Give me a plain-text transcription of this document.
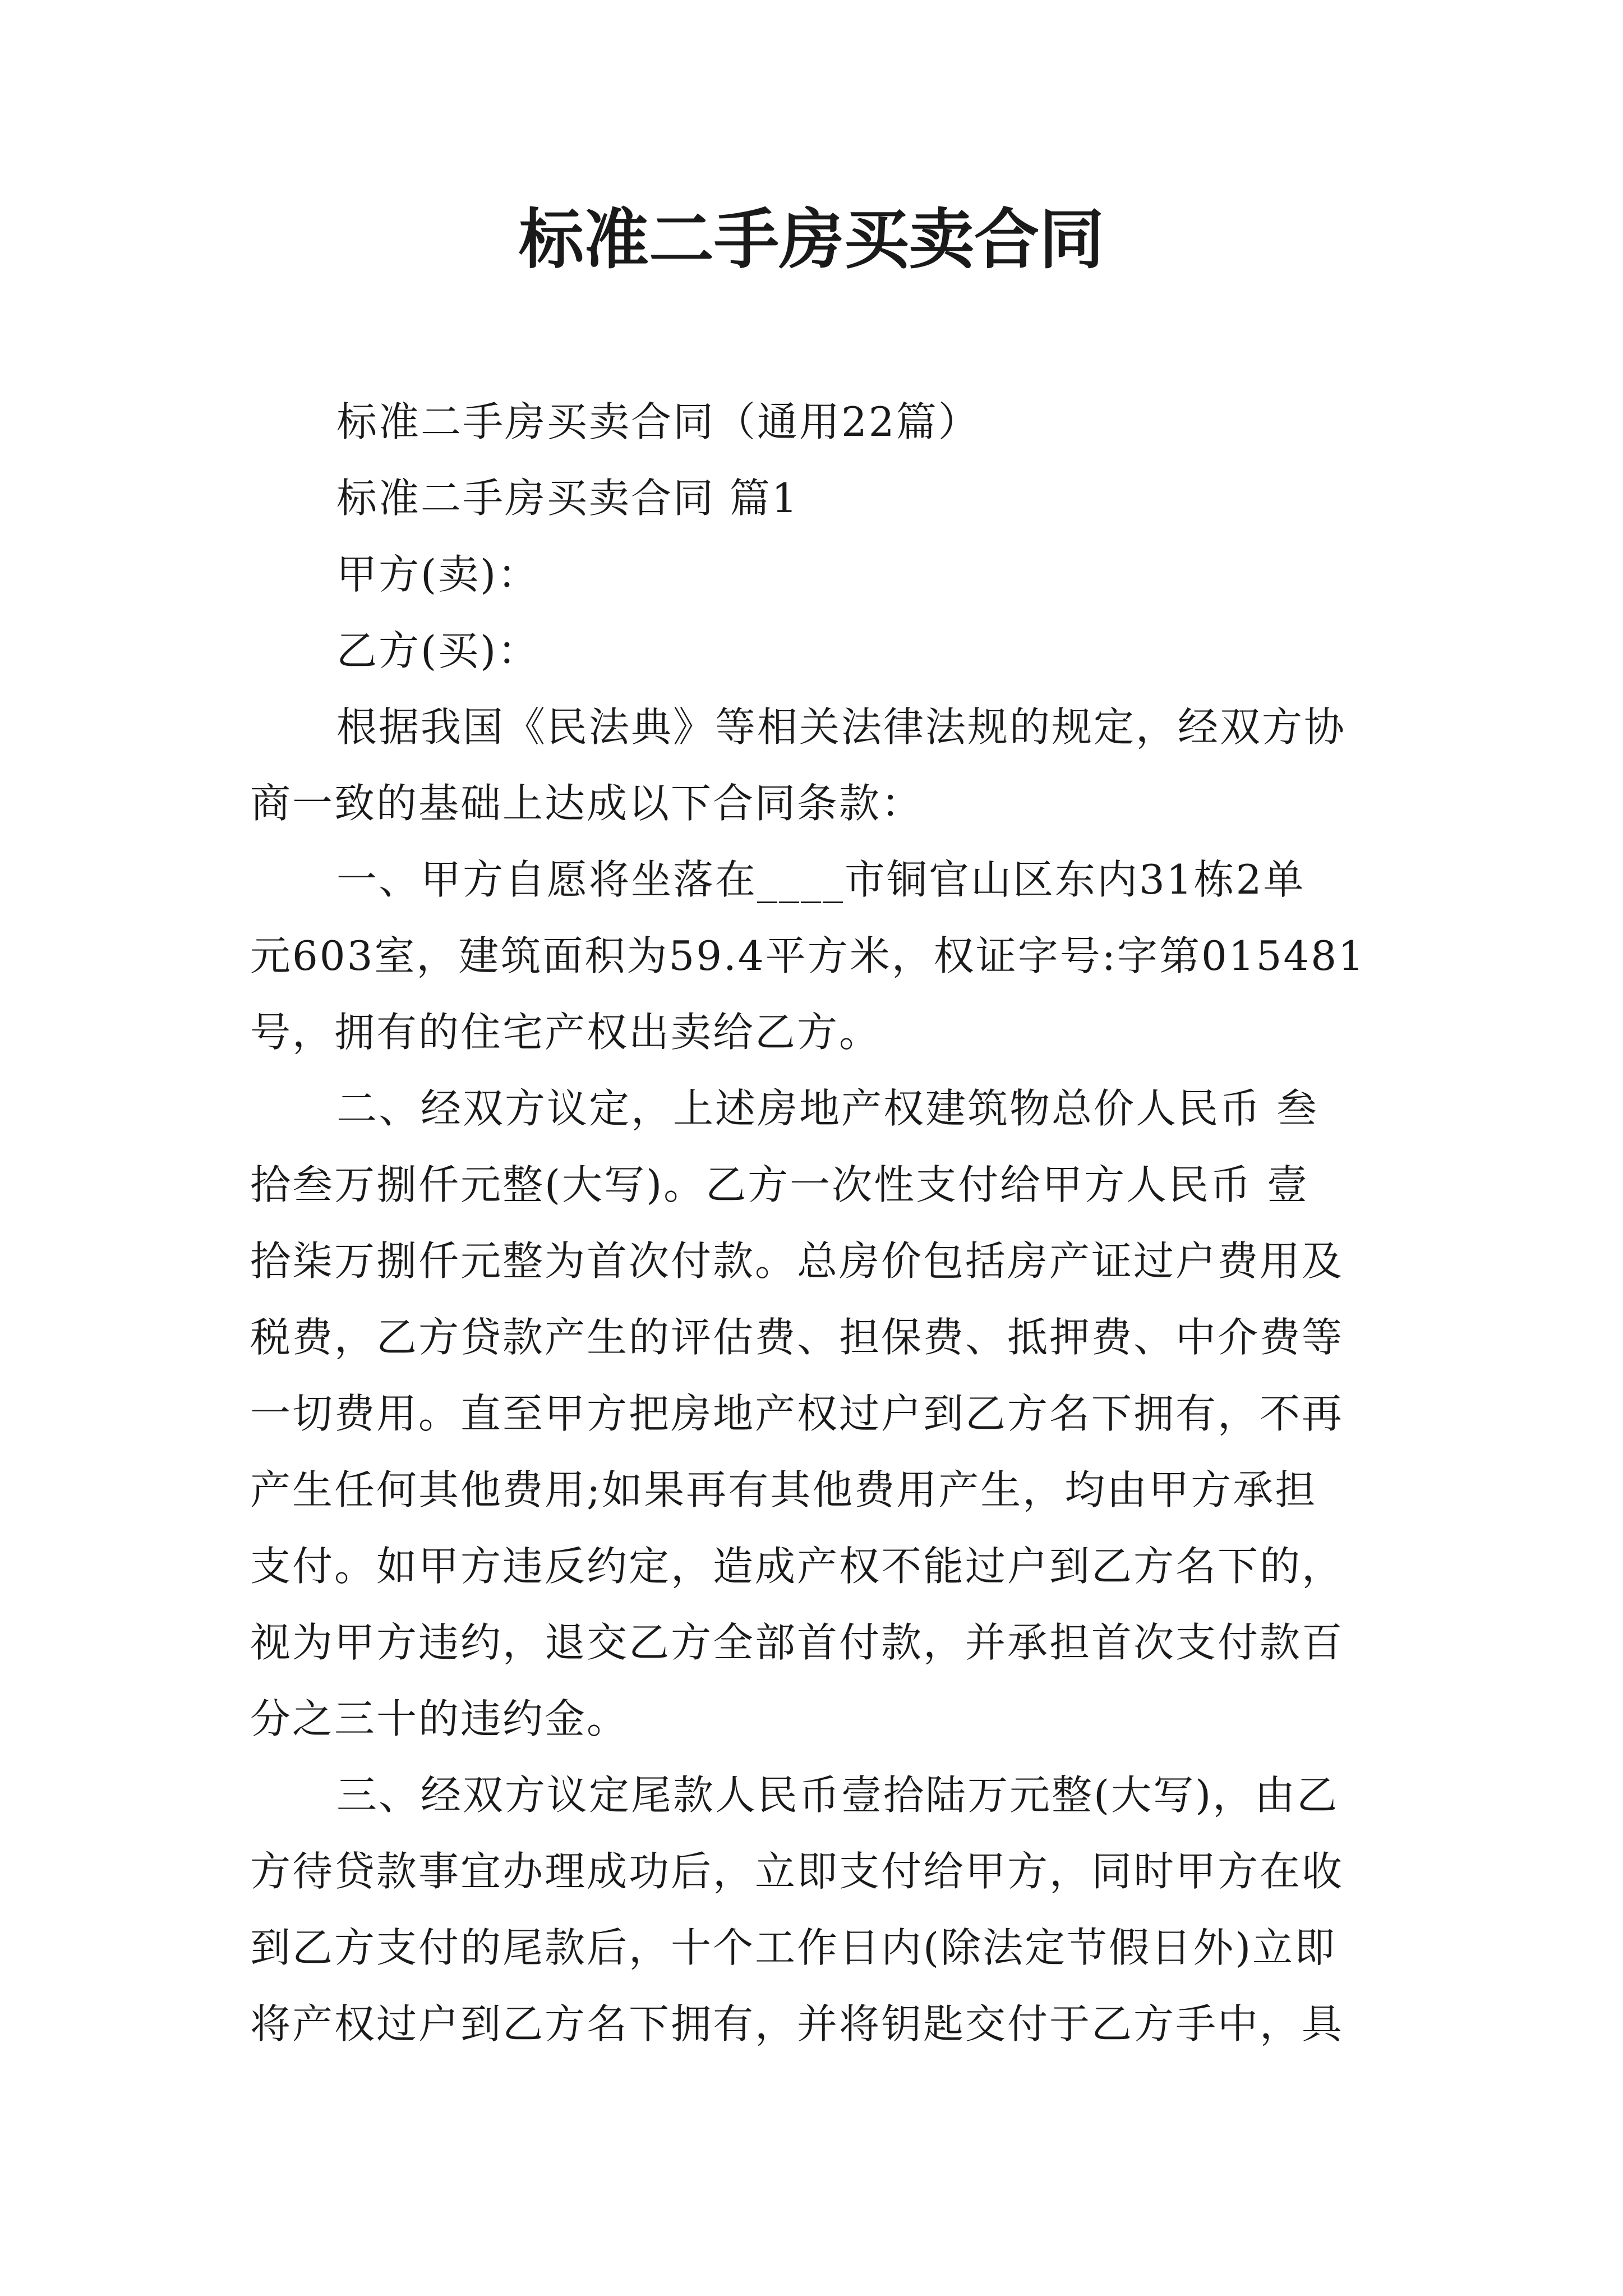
标准二手房买卖合同

标准二手房买卖合同（通用22篇）

标准二手房买卖合同 篇1

甲方(卖)：

乙方(买)：

根据我国《民法典》等相关法律法规的规定，经双方协

商一致的基础上达成以下合同条款：

一、甲方自愿将坐落在____市铜官山区东内31栋2单

元603室，建筑面积为59.4平方米，权证字号:字第015481

号，拥有的住宅产权出卖给乙方。

二、经双方议定，上述房地产权建筑物总价人民币 叁

拾叁万捌仟元整(大写)。乙方一次性支付给甲方人民币 壹

拾柒万捌仟元整为首次付款。总房价包括房产证过户费用及

税费，乙方贷款产生的评估费、担保费、抵押费、中介费等

一切费用。直至甲方把房地产权过户到乙方名下拥有，不再

产生任何其他费用;如果再有其他费用产生，均由甲方承担

支付。如甲方违反约定，造成产权不能过户到乙方名下的，

视为甲方违约，退交乙方全部首付款，并承担首次支付款百

分之三十的违约金。

三、经双方议定尾款人民币壹拾陆万元整(大写)，由乙

方待贷款事宜办理成功后，立即支付给甲方，同时甲方在收

到乙方支付的尾款后，十个工作日内(除法定节假日外)立即

将产权过户到乙方名下拥有，并将钥匙交付于乙方手中，具
